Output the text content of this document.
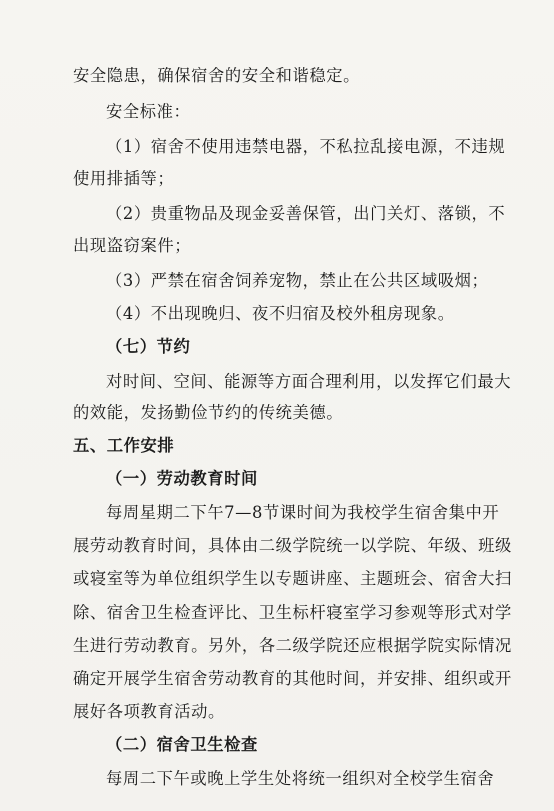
安全隐患，确保宿舍的安全和谐稳定。
安全标准：
（1）宿舍不使用违禁电器，不私拉乱接电源，不违规
使用排插等；
（2）贵重物品及现金妥善保管，出门关灯、落锁，不
出现盗窃案件；
（3）严禁在宿舍饲养宠物，禁止在公共区域吸烟；
（4）不出现晚归、夜不归宿及校外租房现象。
（七）节约
对时间、空间、能源等方面合理利用，以发挥它们最大
的效能，发扬勤俭节约的传统美德。
五、工作安排
（一）劳动教育时间
每周星期二下午7—8节课时间为我校学生宿舍集中开
展劳动教育时间，具体由二级学院统一以学院、年级、班级
或寝室等为单位组织学生以专题讲座、主题班会、宿舍大扫
除、宿舍卫生检查评比、卫生标杆寝室学习参观等形式对学
生进行劳动教育。另外，各二级学院还应根据学院实际情况
确定开展学生宿舍劳动教育的其他时间，并安排、组织或开
展好各项教育活动。
（二）宿舍卫生检查
每周二下午或晚上学生处将统一组织对全校学生宿舍
